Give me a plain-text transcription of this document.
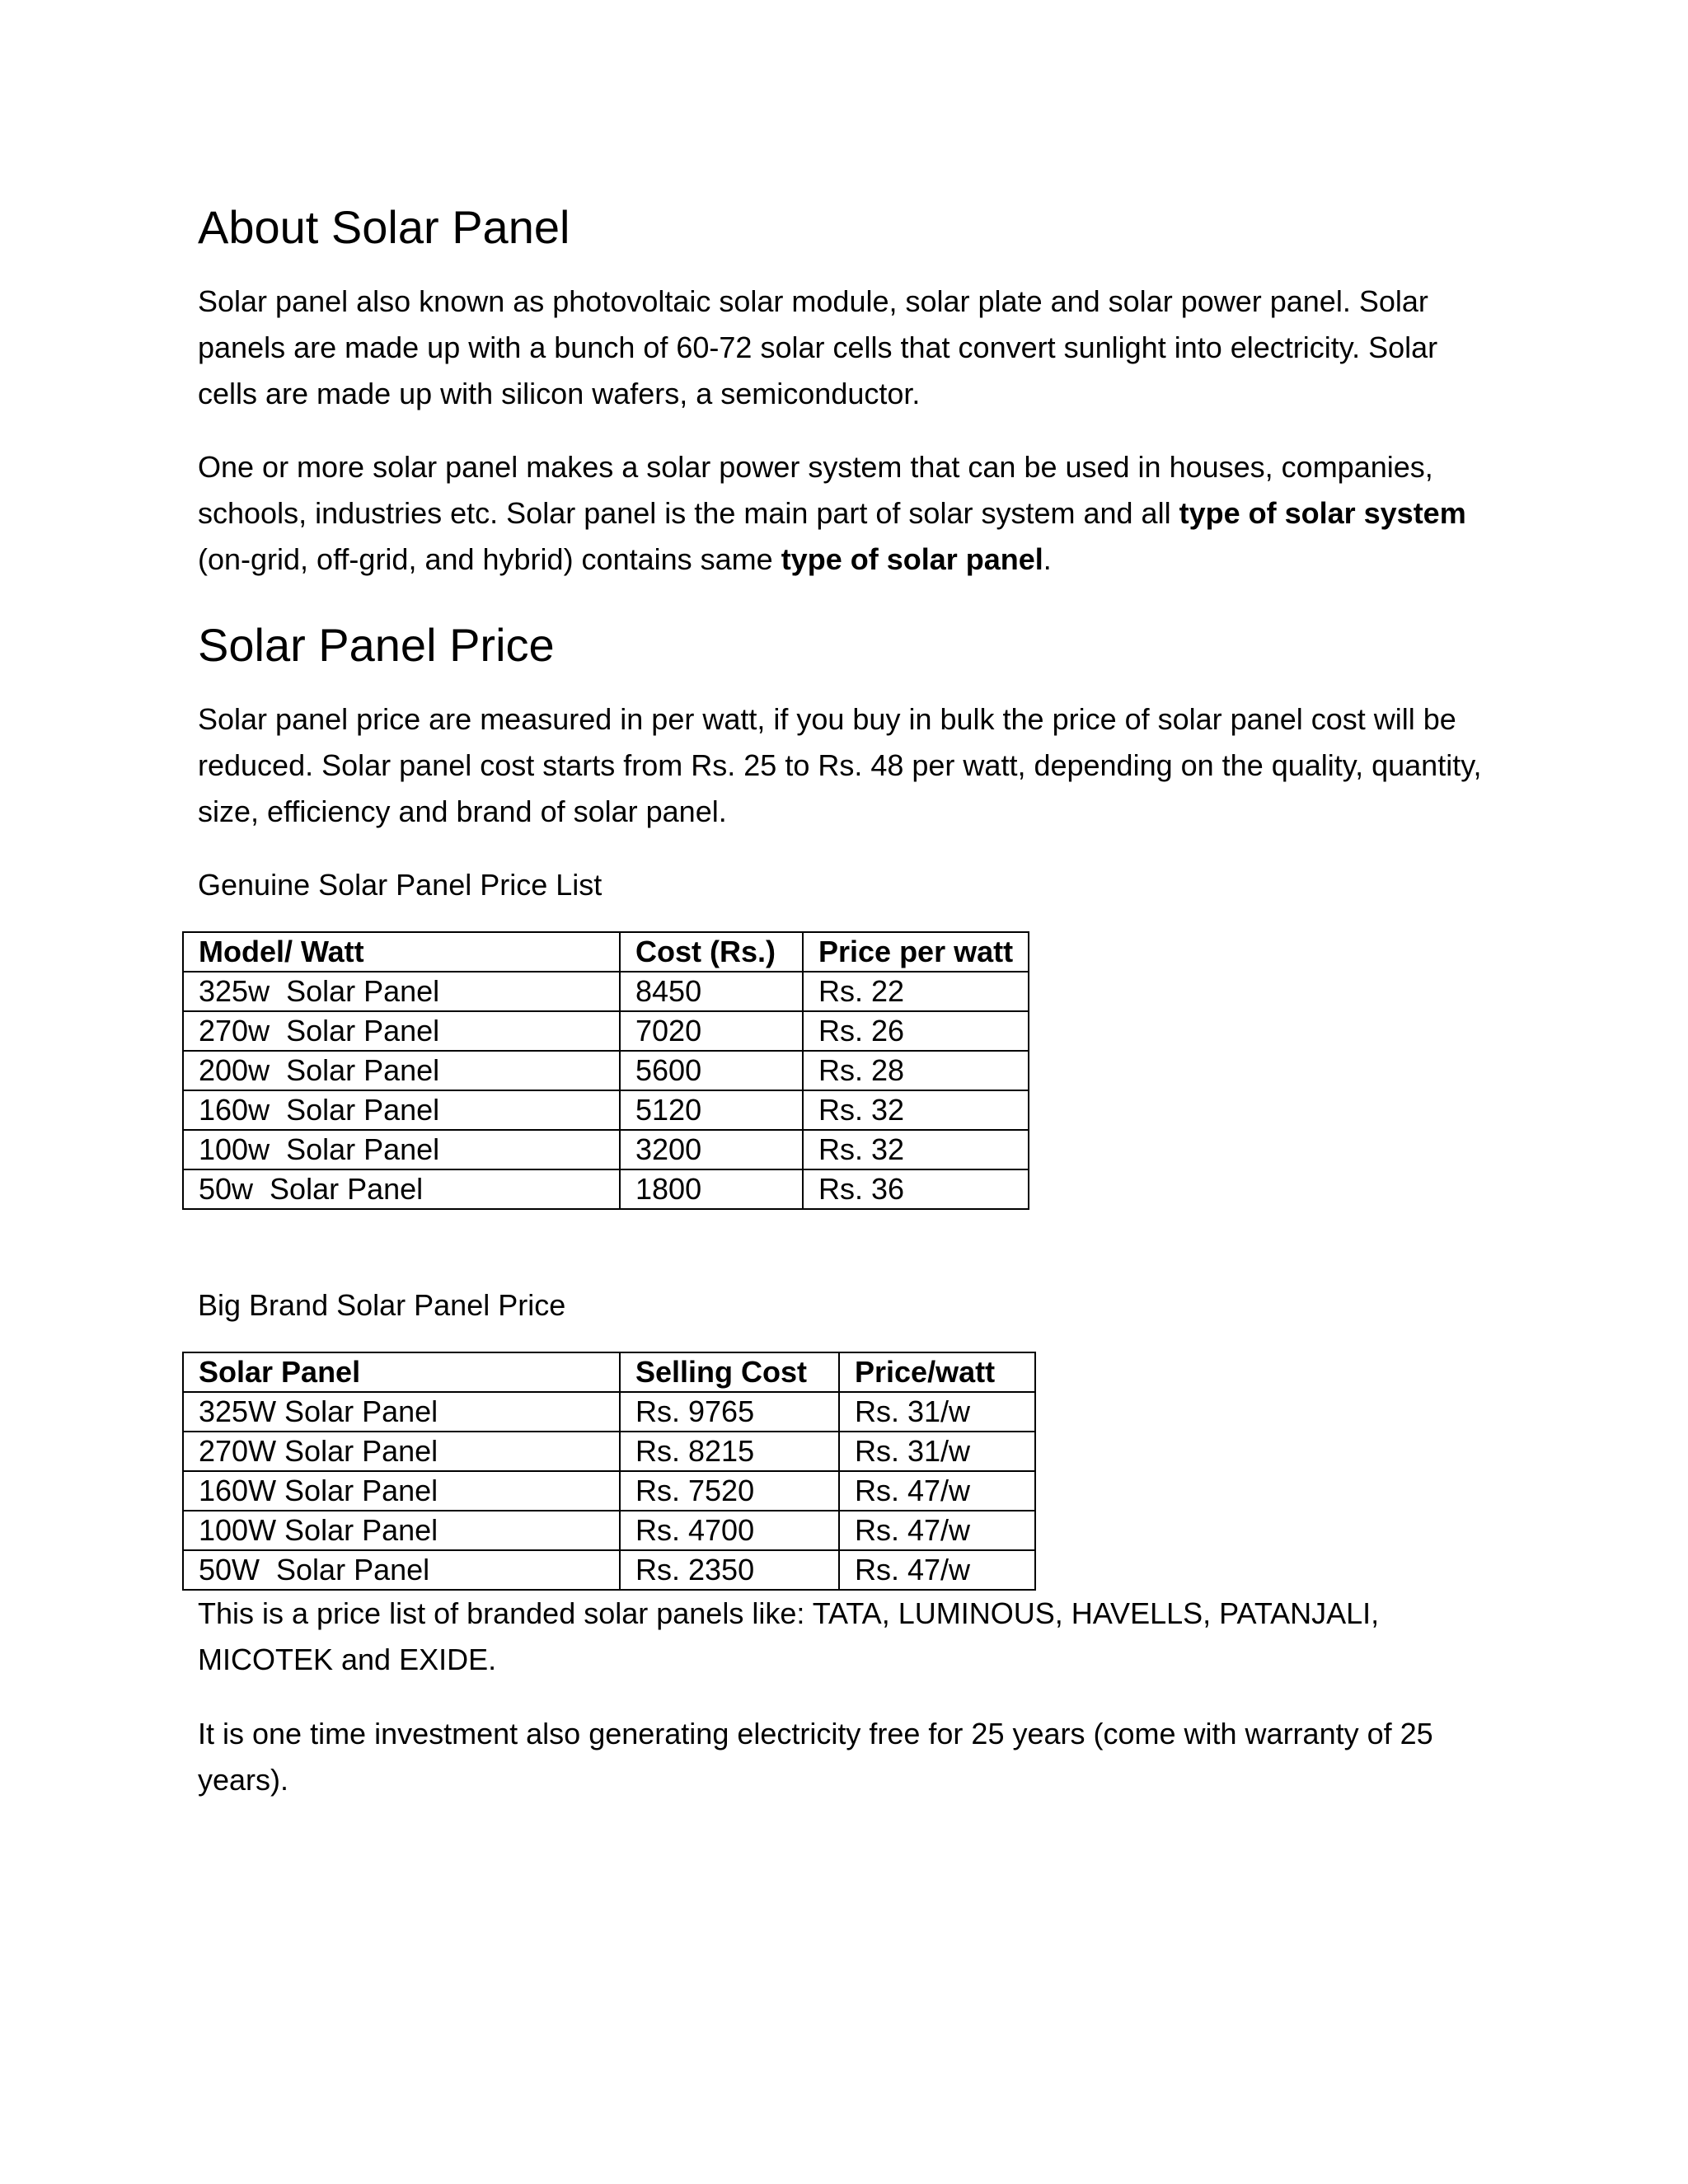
About Solar Panel

Solar panel also known as photovoltaic solar module, solar plate and solar power panel. Solar panels are made up with a bunch of 60-72 solar cells that convert sunlight into electricity. Solar cells are made up with silicon wafers, a semiconductor.

One or more solar panel makes a solar power system that can be used in houses, companies, schools, industries etc. Solar panel is the main part of solar system and all type of solar system (on-grid, off-grid, and hybrid) contains same type of solar panel.

Solar Panel Price

Solar panel price are measured in per watt, if you buy in bulk the price of solar panel cost will be reduced. Solar panel cost starts from Rs. 25 to Rs. 48 per watt, depending on the quality, quantity, size, efficiency and brand of solar panel.

Genuine Solar Panel Price List

Model/ Watt	Cost (Rs.)	Price per watt
325w  Solar Panel	8450	Rs. 22
270w  Solar Panel	7020	Rs. 26
200w  Solar Panel	5600	Rs. 28
160w  Solar Panel	5120	Rs. 32
100w  Solar Panel	3200	Rs. 32
50w  Solar Panel	1800	Rs. 36

Big Brand Solar Panel Price

Solar Panel	Selling Cost	Price/watt
325W Solar Panel	Rs. 9765	Rs. 31/w
270W Solar Panel	Rs. 8215	Rs. 31/w
160W Solar Panel	Rs. 7520	Rs. 47/w
100W Solar Panel	Rs. 4700	Rs. 47/w
50W  Solar Panel	Rs. 2350	Rs. 47/w

This is a price list of branded solar panels like: TATA, LUMINOUS, HAVELLS, PATANJALI, MICOTEK and EXIDE.

It is one time investment also generating electricity free for 25 years (come with warranty of 25 years).
